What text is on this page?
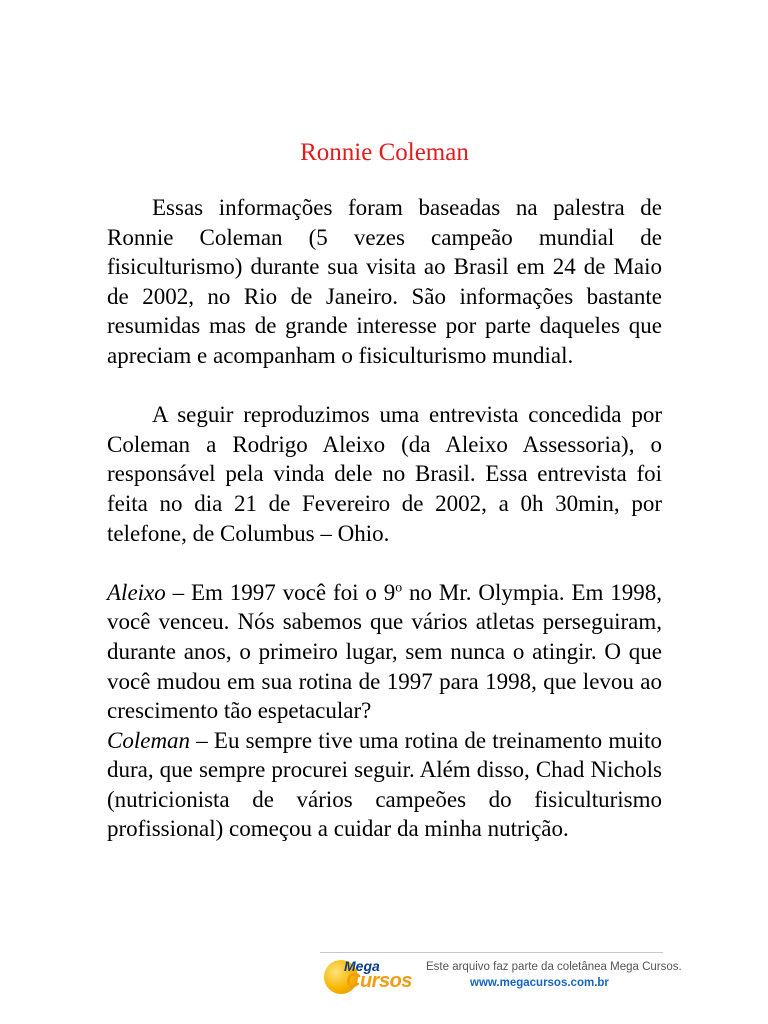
Ronnie Coleman

Essas informações foram baseadas na palestra de Ronnie Coleman (5 vezes campeão mundial de fisiculturismo) durante sua visita ao Brasil em 24 de Maio de 2002, no Rio de Janeiro. São informações bastante resumidas mas de grande interesse por parte daqueles que apreciam e acompanham o fisiculturismo mundial.

A seguir reproduzimos uma entrevista concedida por Coleman a Rodrigo Aleixo (da Aleixo Assessoria), o responsável pela vinda dele no Brasil. Essa entrevista foi feita no dia 21 de Fevereiro de 2002, a 0h 30min, por telefone, de Columbus – Ohio.

Aleixo – Em 1997 você foi o 9$^o$ no Mr. Olympia. Em 1998, você venceu. Nós sabemos que vários atletas perseguiram, durante anos, o primeiro lugar, sem nunca o atingir. O que você mudou em sua rotina de 1997 para 1998, que levou ao crescimento tão espetacular?

Coleman – Eu sempre tive uma rotina de treinamento muito dura, que sempre procurei seguir. Além disso, Chad Nichols (nutricionista de vários campeões do fisiculturismo profissional) começou a cuidar da minha nutrição.

Mega
Cursos
Este arquivo faz parte da coletânea Mega Cursos.
www.megacursos.com.br
